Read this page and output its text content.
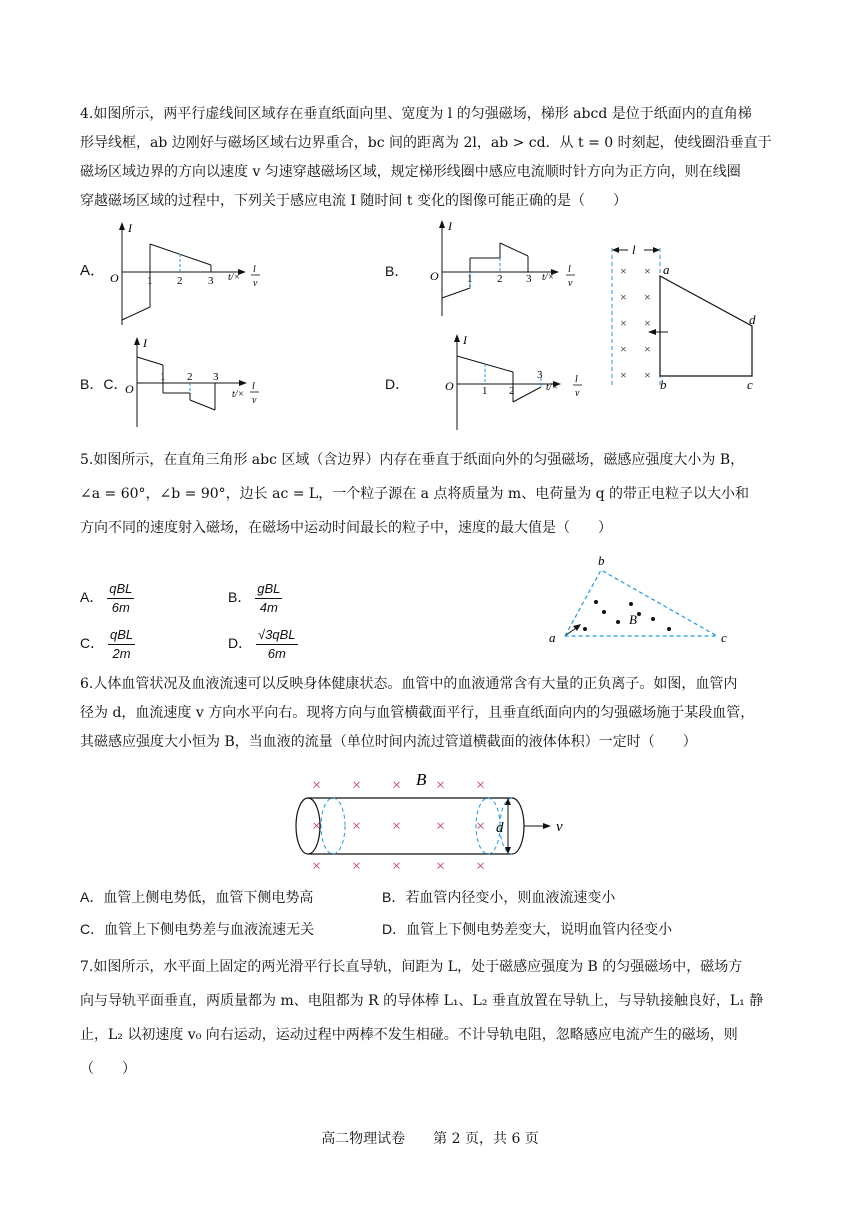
4.如图所示，两平行虚线间区域存在垂直纸面向里、宽度为 l 的匀强磁场，梯形 abcd 是位于纸面内的直角梯
形导线框，ab 边刚好与磁场区域右边界重合，bc 间的距离为 2l，ab > cd．从 t = 0 时刻起，使线圈沿垂直于
磁场区域边界的方向以速度 v 匀速穿越磁场区域，规定梯形线圈中感应电流顺时针方向为正方向，则在线圈
穿越磁场区域的过程中，下列关于感应电流 I 随时间 t 变化的图像可能正确的是（　　）
A．
I
O	1 2 3 t/×
l
v
B．
I
O	1 2 3 t/×
l
v
B．C．
I
O
1 2 3
t/×
l
v
D．
I
O	1 2
3
t/×
l
v
l
× ×
× ×
× ×
× ×
× ×
a
b	c
d
5.如图所示，在直角三角形 abc 区域（含边界）内存在垂直于纸面向外的匀强磁场，磁感应强度大小为 B，
∠a = 60°，∠b = 90°，边长 ac = L，一个粒子源在 a 点将质量为 m、电荷量为 q 的带正电粒子以大小和
方向不同的速度射入磁场，在磁场中运动时间最长的粒子中，速度的最大值是（　　）
A． $\frac{\text{qBL}}{6m}$	B． $\frac{\text{gBL}}{4m}$
C． $\frac{\text{qBL}}{2m}$	D． $\frac{\text{√3qBL}}{6m}$
b
a	c
B
6.人体血管状况及血液流速可以反映身体健康状态。血管中的血液通常含有大量的正负离子。如图，血管内
径为 d，血流速度 v 方向水平向右。现将方向与血管横截面平行，且垂直纸面向内的匀强磁场施于某段血管，
其磁感应强度大小恒为 B，当血液的流量（单位时间内流过管道横截面的液体体积）一定时（　　）
× × × × ×
× × × × ×
× × × × ×
B
d	v
A．血管上侧电势低，血管下侧电势高	B．若血管内径变小，则血液流速变小
C．血管上下侧电势差与血液流速无关	D．血管上下侧电势差变大，说明血管内径变小
7.如图所示，水平面上固定的两光滑平行长直导轨，间距为 L，处于磁感应强度为 B 的匀强磁场中，磁场方
向与导轨平面垂直，两质量都为 m、电阻都为 R 的导体棒 L₁、L₂ 垂直放置在导轨上，与导轨接触良好，L₁ 静
止，L₂ 以初速度 v₀ 向右运动，运动过程中两棒不发生相碰。不计导轨电阻，忽略感应电流产生的磁场，则
（　　）
高二物理试卷　　第 2 页，共 6 页
